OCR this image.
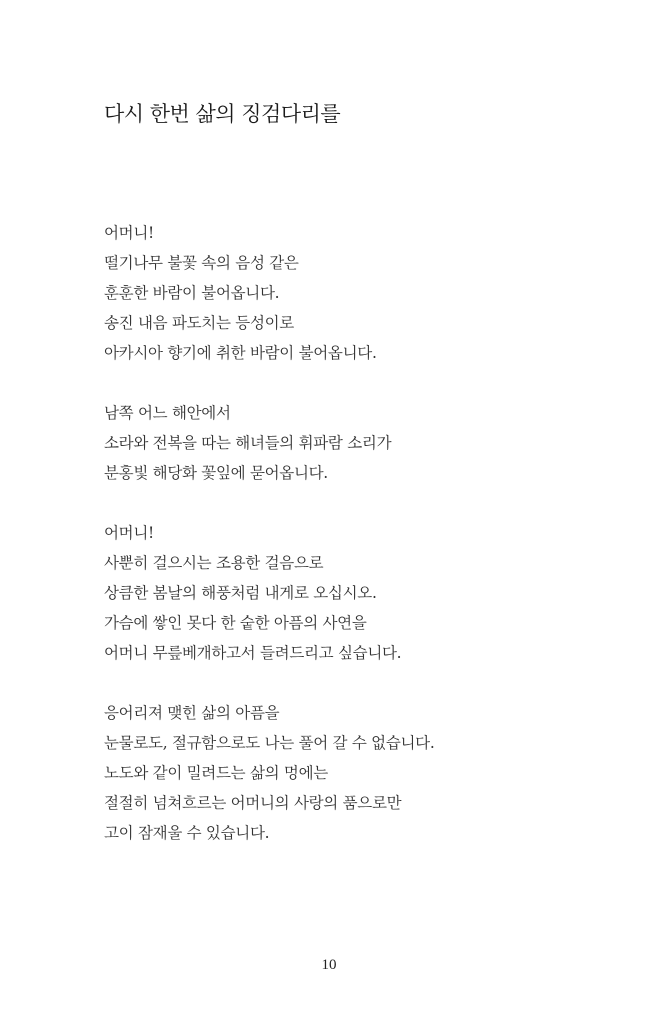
다시 한번 삶의 징검다리를
어머니!
떨기나무 불꽃 속의 음성 같은
훈훈한 바람이 불어옵니다.
송진 내음 파도치는 등성이로
아카시아 향기에 취한 바람이 불어옵니다.
남쪽 어느 해안에서
소라와 전복을 따는 해녀들의 휘파람 소리가
분홍빛 해당화 꽃잎에 묻어옵니다.
어머니!
사뿐히 걸으시는 조용한 걸음으로
상큼한 봄날의 해풍처럼 내게로 오십시오.
가슴에 쌓인 못다 한 숱한 아픔의 사연을
어머니 무릎베개하고서 들려드리고 싶습니다.
응어리져 맺힌 삶의 아픔을
눈물로도, 절규함으로도 나는 풀어 갈 수 없습니다.
노도와 같이 밀려드는 삶의 멍에는
절절히 넘쳐흐르는 어머니의 사랑의 품으로만
고이 잠재울 수 있습니다.
10
